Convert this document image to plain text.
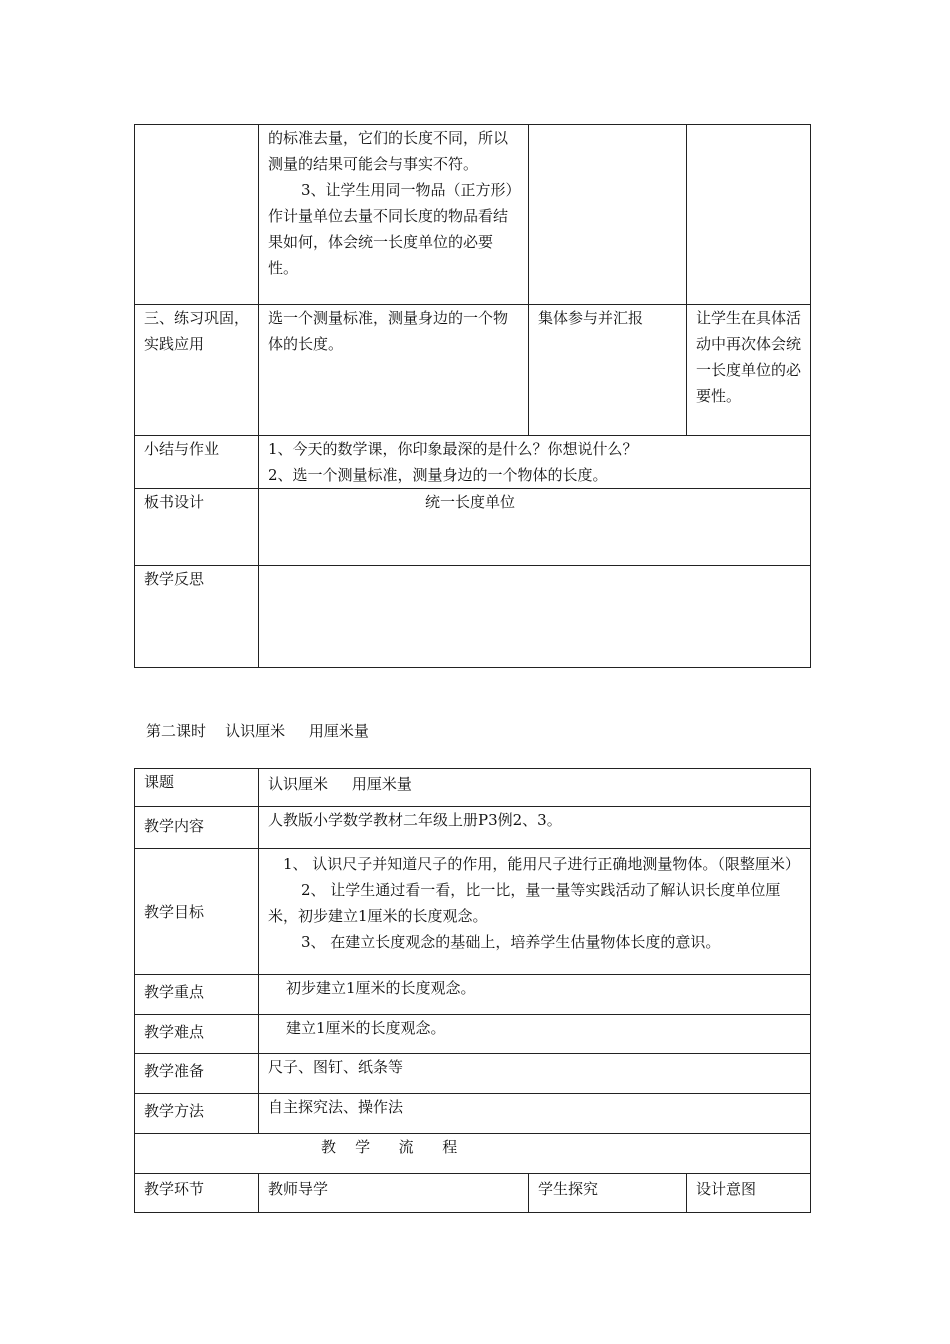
	的标准去量，它们的长度不同，所以测量的结果可能会与事实不符。

3、让学生用同一物品（正方形）作计量单位去量不同长度的物品看结果如何，体会统一长度单位的必要性。		

三、练习巩固，实践应用	选一个测量标准，测量身边的一个物体的长度。	集体参与并汇报	让学生在具体活动中再次体会统一长度单位的必要性。
小结与作业	1、今天的数学课，你印象最深的是什么？你想说什么？

2、选一个测量标准，测量身边的一个物体的长度。		

板书设计	统一长度单位		

教学反思			
第二课时    认识厘米     用厘米量
课题	认识厘米     用厘米量		
教学内容	人教版小学数学教材二年级上册P3例2、3。		
教学目标	1、 认识尺子并知道尺子的作用，能用尺子进行正确地测量物体。（限整厘米）

2、 让学生通过看一看，比一比，量一量等实践活动了解认识长度单位厘米，初步建立1厘米的长度观念。

3、 在建立长度观念的基础上，培养学生估量物体长度的意识。		

教学重点	初步建立1厘米的长度观念。		
教学难点	建立1厘米的长度观念。		
教学准备	尺子、图钉、纸条等		
教学方法	自主探究法、操作法		

教    学      流      程			

教学环节	教师导学	学生探究	设计意图
